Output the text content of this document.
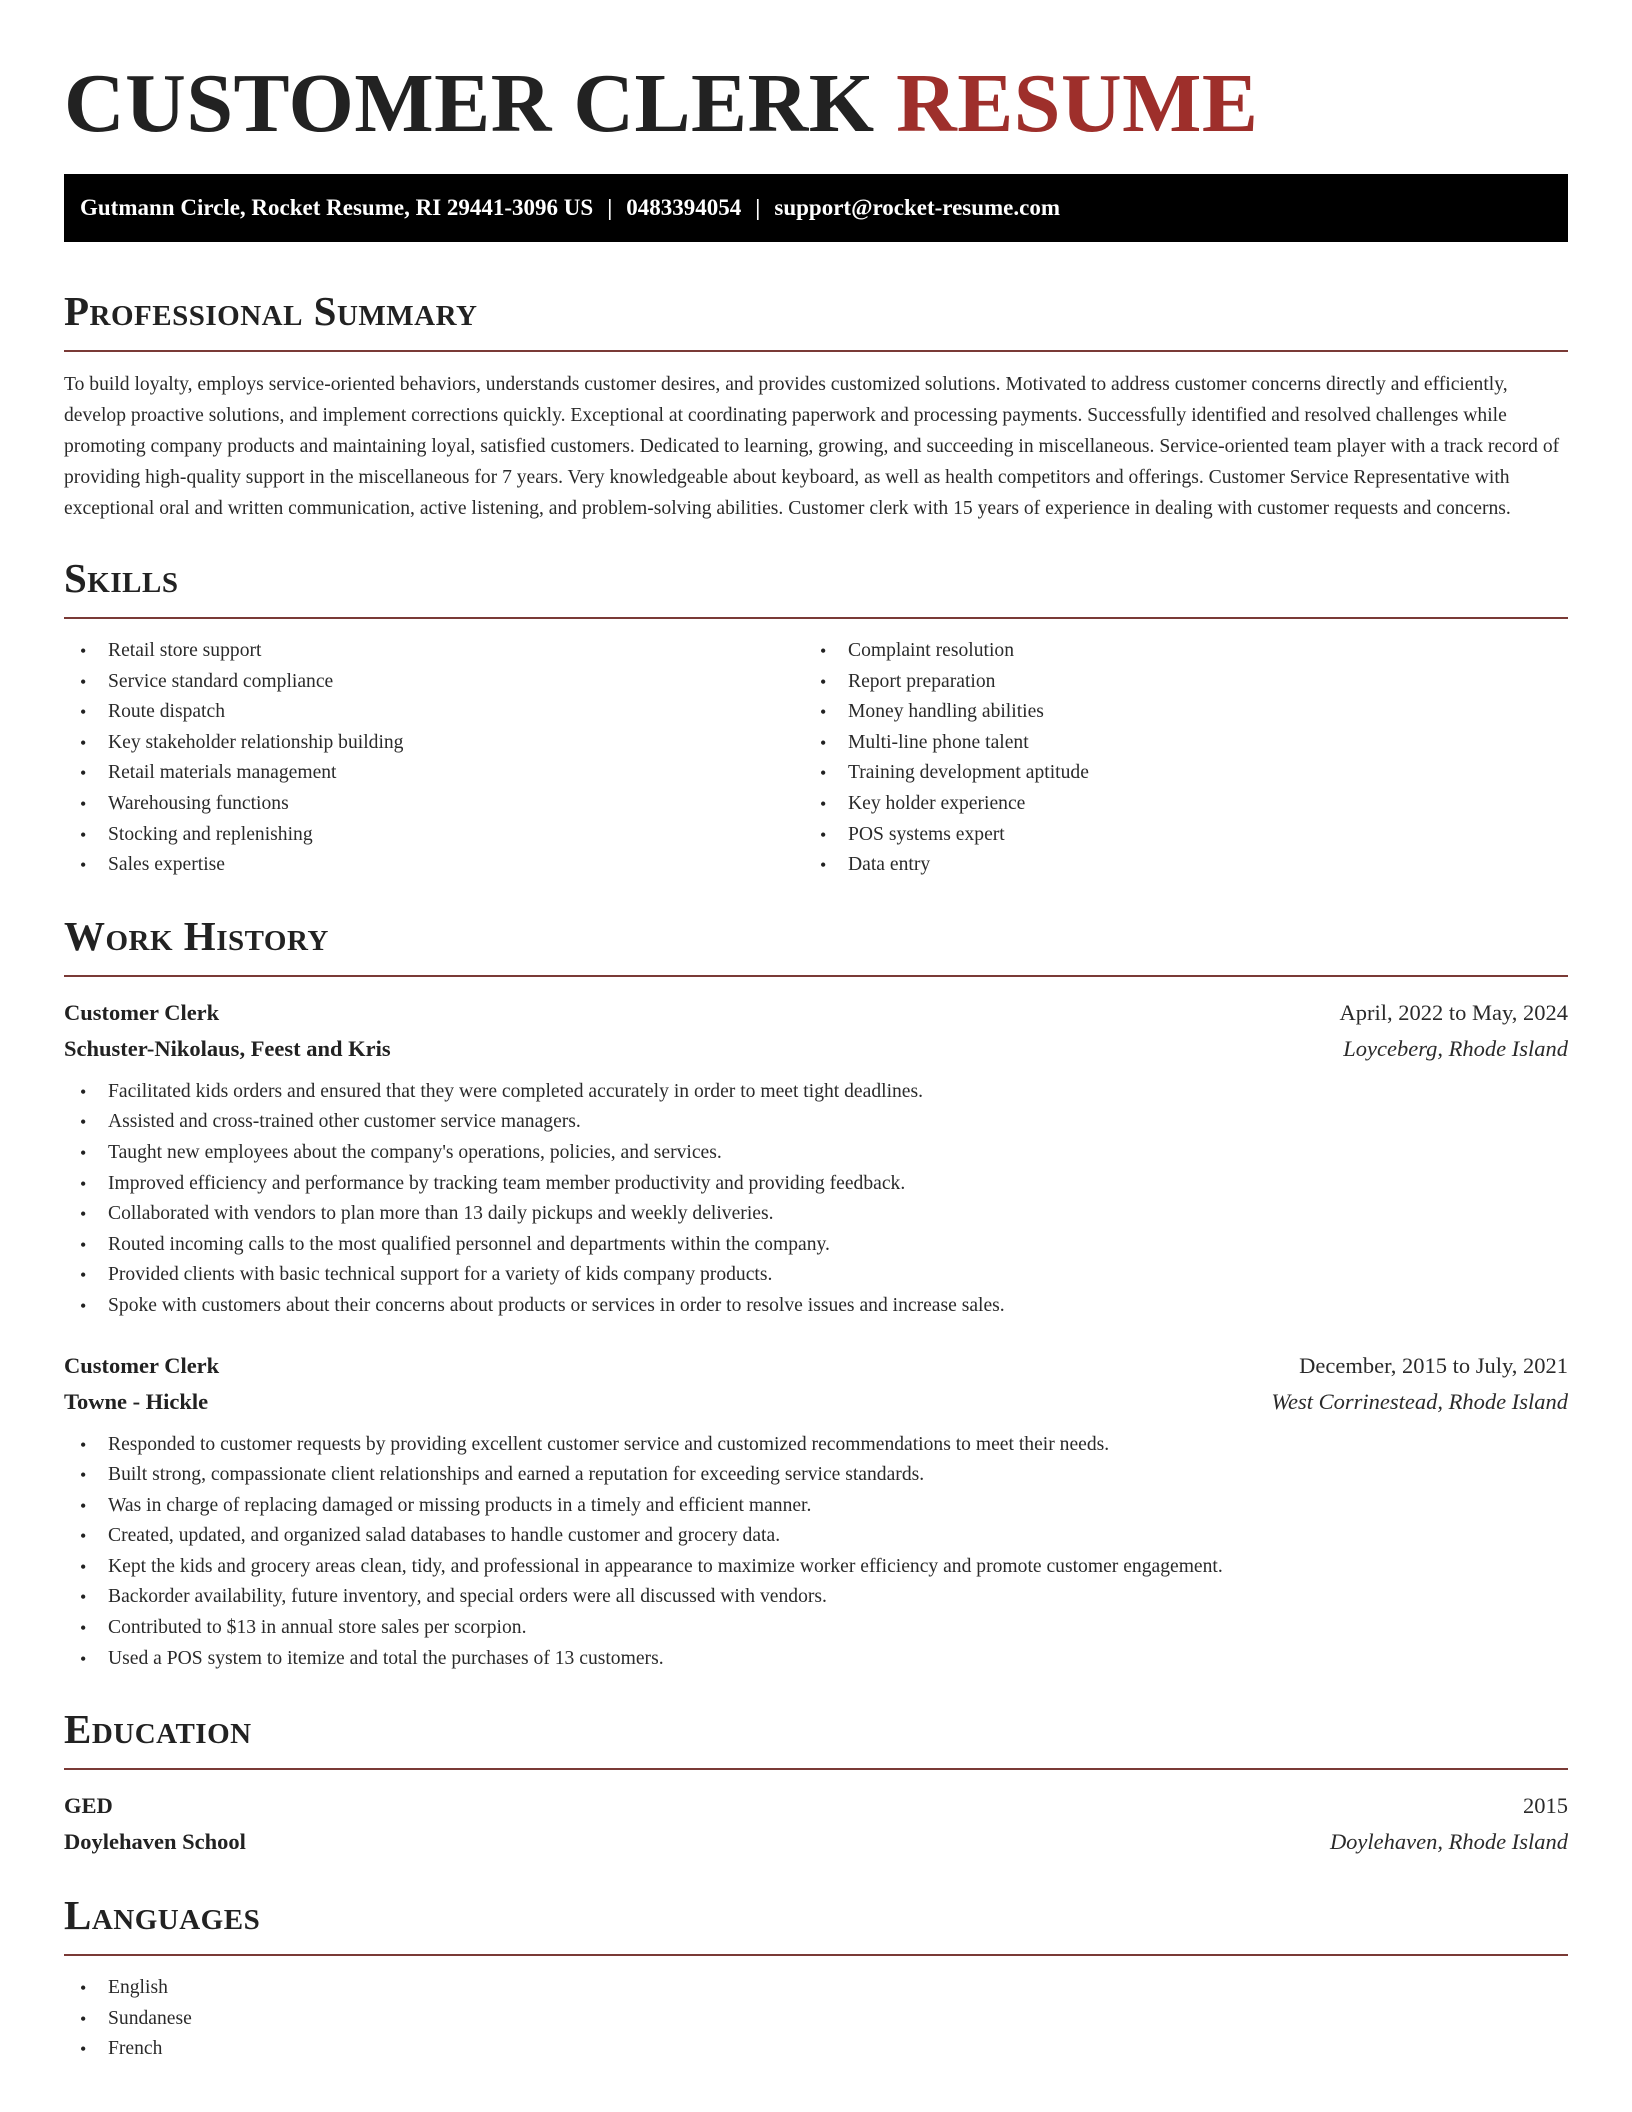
CUSTOMER CLERK RESUME
Gutmann Circle, Rocket Resume, RI 29441-3096 US | 0483394054 | support@rocket-resume.com
Professional Summary

To build loyalty, employs service-oriented behaviors, understands customer desires, and provides customized solutions. Motivated to address customer concerns directly and efficiently, develop proactive solutions, and implement corrections quickly. Exceptional at coordinating paperwork and processing payments. Successfully identified and resolved challenges while promoting company products and maintaining loyal, satisfied customers. Dedicated to learning, growing, and succeeding in miscellaneous. Service-oriented team player with a track record of providing high-quality support in the miscellaneous for 7 years. Very knowledgeable about keyboard, as well as health competitors and offerings. Customer Service Representative with exceptional oral and written communication, active listening, and problem-solving abilities. Customer clerk with 15 years of experience in dealing with customer requests and concerns.

Skills
• Retail store support
• Service standard compliance
• Route dispatch
• Key stakeholder relationship building
• Retail materials management
• Warehousing functions
• Stocking and replenishing
• Sales expertise
• Complaint resolution
• Report preparation
• Money handling abilities
• Multi-line phone talent
• Training development aptitude
• Key holder experience
• POS systems expert
• Data entry
Work History
Customer Clerk	April, 2022 to May, 2024
Schuster-Nikolaus, Feest and Kris	Loyceberg, Rhode Island
• Facilitated kids orders and ensured that they were completed accurately in order to meet tight deadlines.
• Assisted and cross-trained other customer service managers.
• Taught new employees about the company's operations, policies, and services.
• Improved efficiency and performance by tracking team member productivity and providing feedback.
• Collaborated with vendors to plan more than 13 daily pickups and weekly deliveries.
• Routed incoming calls to the most qualified personnel and departments within the company.
• Provided clients with basic technical support for a variety of kids company products.
• Spoke with customers about their concerns about products or services in order to resolve issues and increase sales.
Customer Clerk	December, 2015 to July, 2021
Towne - Hickle	West Corrinestead, Rhode Island
• Responded to customer requests by providing excellent customer service and customized recommendations to meet their needs.
• Built strong, compassionate client relationships and earned a reputation for exceeding service standards.
• Was in charge of replacing damaged or missing products in a timely and efficient manner.
• Created, updated, and organized salad databases to handle customer and grocery data.
• Kept the kids and grocery areas clean, tidy, and professional in appearance to maximize worker efficiency and promote customer engagement.
• Backorder availability, future inventory, and special orders were all discussed with vendors.
• Contributed to $13 in annual store sales per scorpion.
• Used a POS system to itemize and total the purchases of 13 customers.
Education
GED	2015
Doylehaven School	Doylehaven, Rhode Island
Languages
• English
• Sundanese
• French
